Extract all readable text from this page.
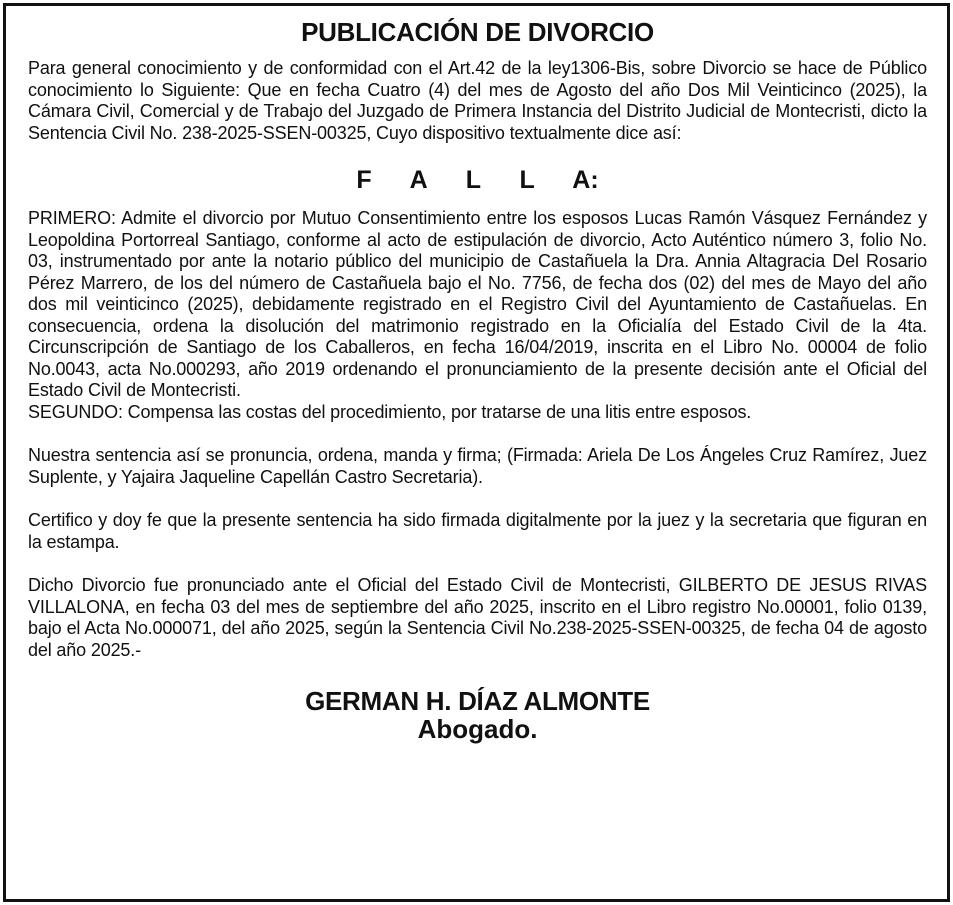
PUBLICACIÓN DE DIVORCIO

Para general conocimiento y de conformidad con el Art.42 de la ley1306-Bis, sobre Divorcio se hace de Público conocimiento lo Siguiente: Que en fecha Cuatro (4) del mes de Agosto del año Dos Mil Veinticinco (2025), la Cámara Civil, Comercial y de Trabajo del Juzgado de Primera Instancia del Distrito Judicial de Montecristi, dicto la Sentencia Civil No. 238-2025-SSEN-00325, Cuyo dispositivo textualmente dice así:

F A L L A:

PRIMERO: Admite el divorcio por Mutuo Consentimiento entre los esposos Lucas Ramón Vásquez Fernández y Leopoldina Portorreal Santiago, conforme al acto de estipulación de divorcio, Acto Auténtico número 3, folio No. 03, instrumentado por ante la notario público del municipio de Castañuela la Dra. Annia Altagracia Del Rosario Pérez Marrero, de los del número de Castañuela bajo el No. 7756, de fecha dos (02) del mes de Mayo del año dos mil veinticinco (2025), debidamente registrado en el Registro Civil del Ayuntamiento de Castañuelas. En consecuencia, ordena la disolución del matrimonio registrado en la Oficialía del Estado Civil de la 4ta. Circunscripción de Santiago de los Caballeros, en fecha 16/04/2019, inscrita en el Libro No. 00004 de folio No.0043, acta No.000293, año 2019 ordenando el pronunciamiento de la presente decisión ante el Oficial del Estado Civil de Montecristi.

SEGUNDO: Compensa las costas del procedimiento, por tratarse de una litis entre esposos.

Nuestra sentencia así se pronuncia, ordena, manda y firma; (Firmada: Ariela De Los Ángeles Cruz Ramírez, Juez Suplente, y Yajaira Jaqueline Capellán Castro Secretaria).

Certifico y doy fe que la presente sentencia ha sido firmada digitalmente por la juez y la secretaria que figuran en la estampa.

Dicho Divorcio fue pronunciado ante el Oficial del Estado Civil de Montecristi, GILBERTO DE JESUS RIVAS VILLALONA, en fecha 03 del mes de septiembre del año 2025, inscrito en el Libro registro No.00001, folio 0139, bajo el Acta No.000071, del año 2025, según la Sentencia Civil No.238-2025-SSEN-00325, de fecha 04 de agosto del año 2025.-

GERMAN H. DÍAZ ALMONTE

Abogado.
